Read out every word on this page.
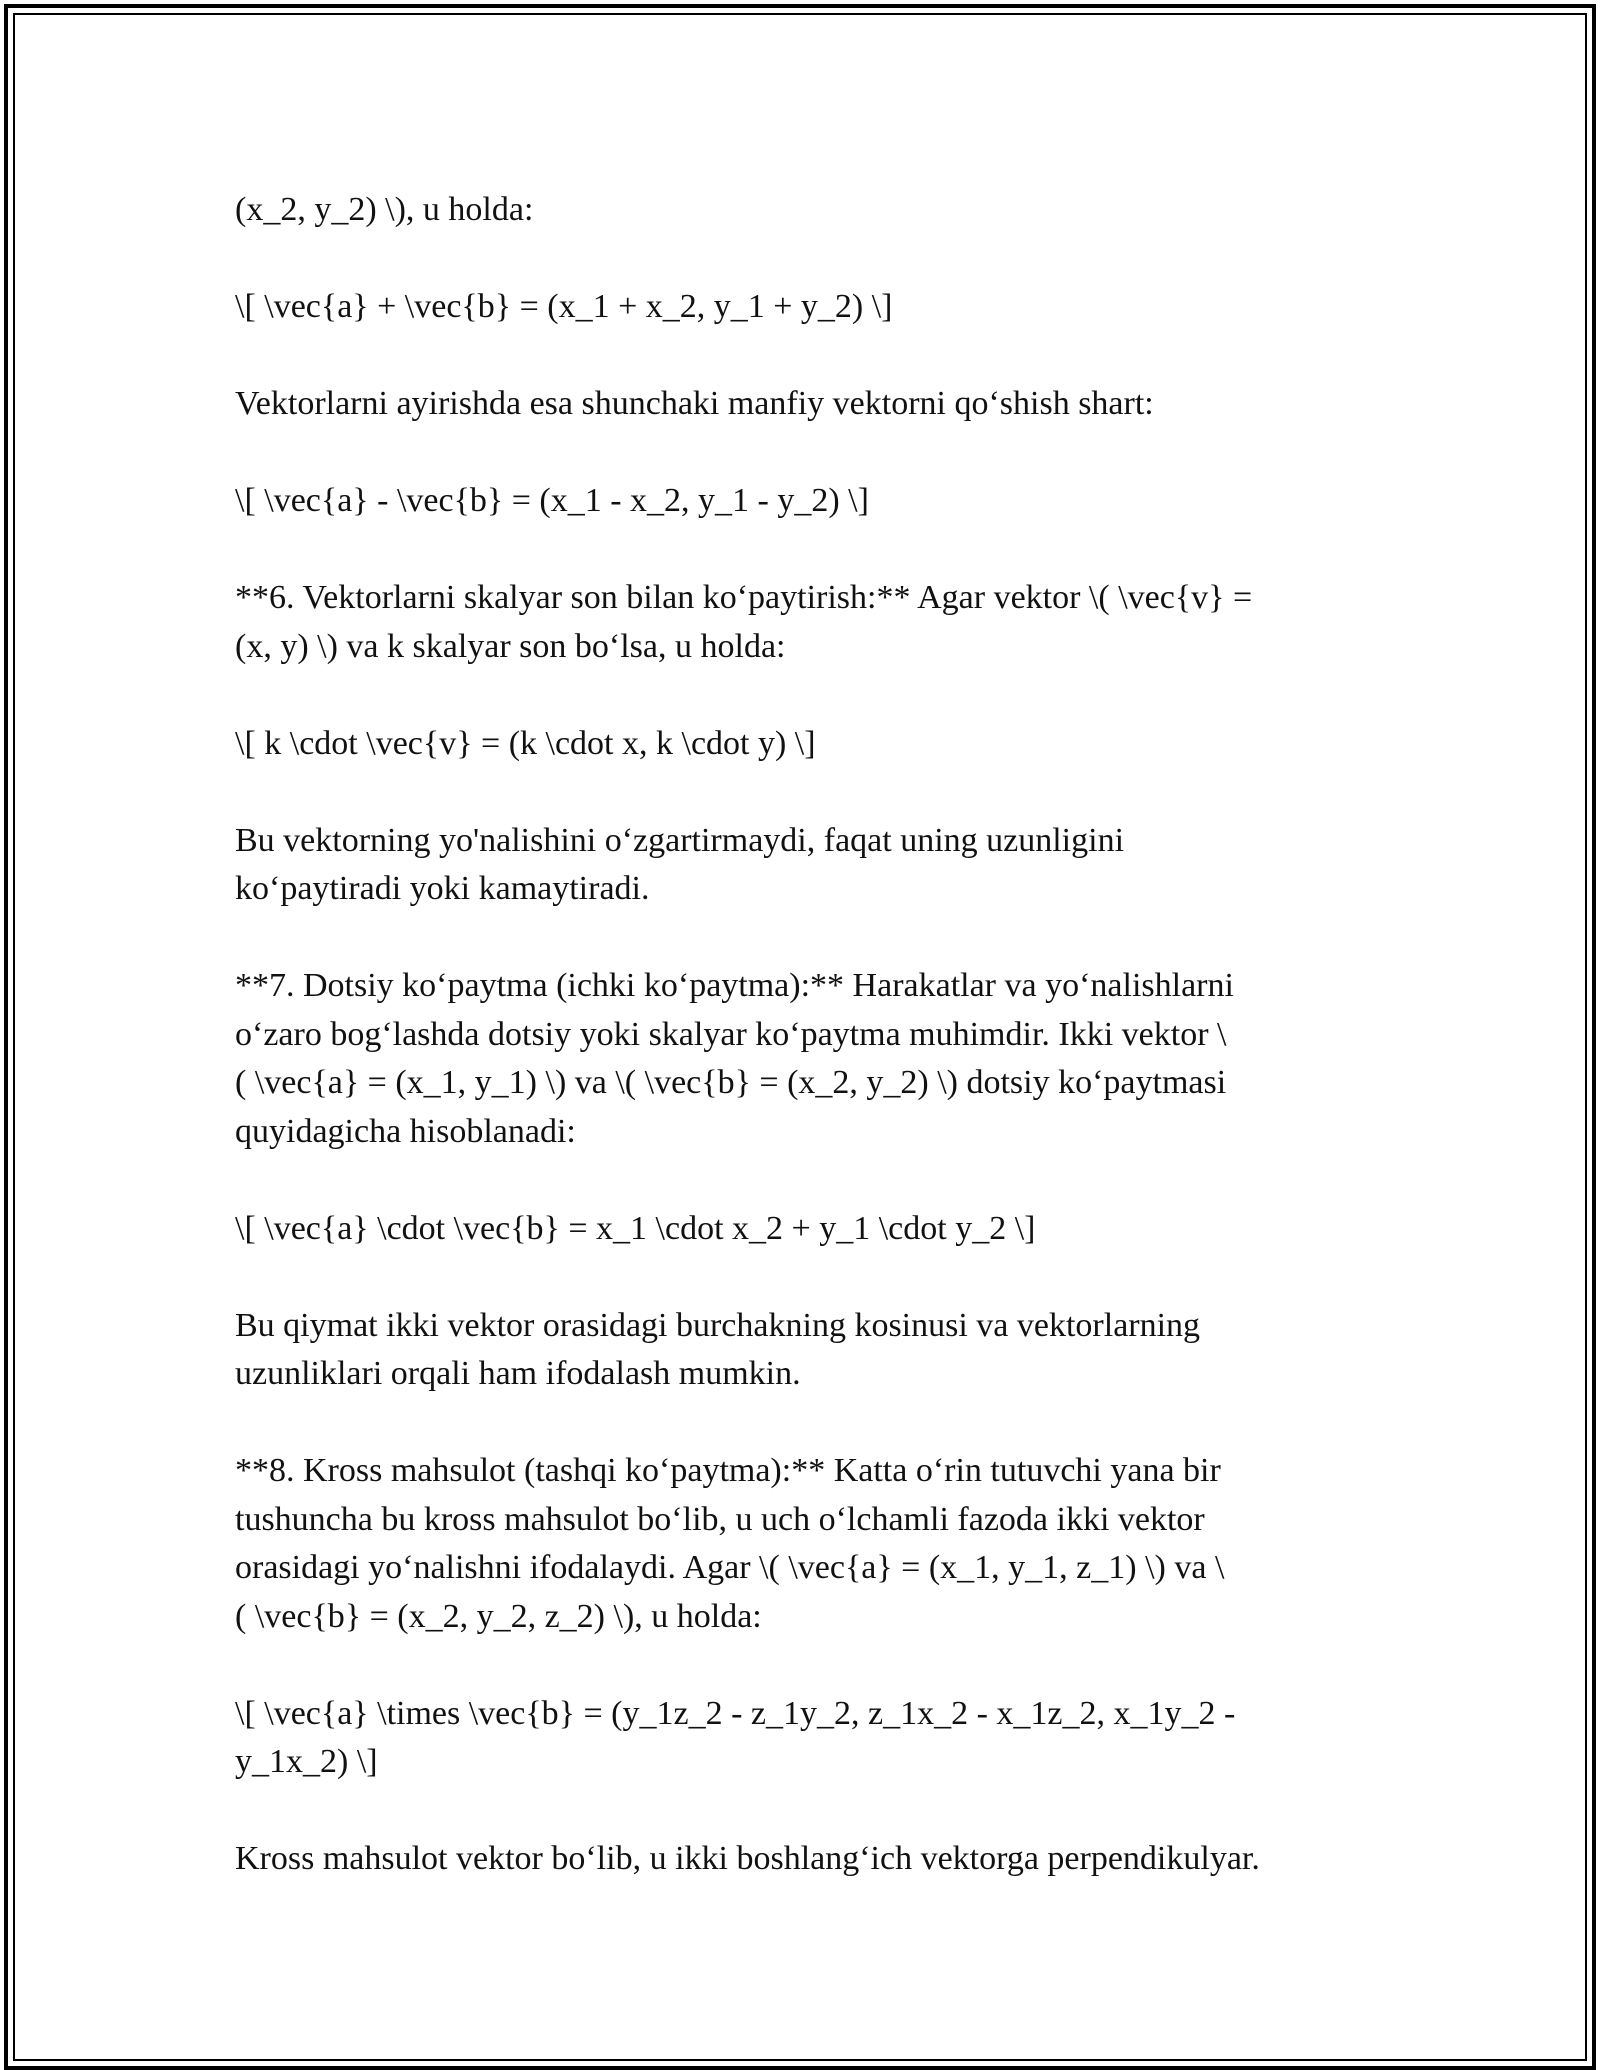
(x_2, y_2) \), u holda:

\[ \vec{a} + \vec{b} = (x_1 + x_2, y_1 + y_2) \]

Vektorlarni ayirishda esa shunchaki manfiy vektorni qo‘shish shart:

\[ \vec{a} - \vec{b} = (x_1 - x_2, y_1 - y_2) \]

**6. Vektorlarni skalyar son bilan ko‘paytirish:** Agar vektor \( \vec{v} =
(x, y) \) va k skalyar son bo‘lsa, u holda:

\[ k \cdot \vec{v} = (k \cdot x, k \cdot y) \]

Bu vektorning yo'nalishini o‘zgartirmaydi, faqat uning uzunligini
ko‘paytiradi yoki kamaytiradi.

**7. Dotsiy ko‘paytma (ichki ko‘paytma):** Harakatlar va yo‘nalishlarni
o‘zaro bog‘lashda dotsiy yoki skalyar ko‘paytma muhimdir. Ikki vektor \
( \vec{a} = (x_1, y_1) \) va \( \vec{b} = (x_2, y_2) \) dotsiy ko‘paytmasi
quyidagicha hisoblanadi:

\[ \vec{a} \cdot \vec{b} = x_1 \cdot x_2 + y_1 \cdot y_2 \]

Bu qiymat ikki vektor orasidagi burchakning kosinusi va vektorlarning
uzunliklari orqali ham ifodalash mumkin.

**8. Kross mahsulot (tashqi ko‘paytma):** Katta o‘rin tutuvchi yana bir
tushuncha bu kross mahsulot bo‘lib, u uch o‘lchamli fazoda ikki vektor
orasidagi yo‘nalishni ifodalaydi. Agar \( \vec{a} = (x_1, y_1, z_1) \) va \
( \vec{b} = (x_2, y_2, z_2) \), u holda:

\[ \vec{a} \times \vec{b} = (y_1z_2 - z_1y_2, z_1x_2 - x_1z_2, x_1y_2 -
y_1x_2) \]

Kross mahsulot vektor bo‘lib, u ikki boshlang‘ich vektorga perpendikulyar.
